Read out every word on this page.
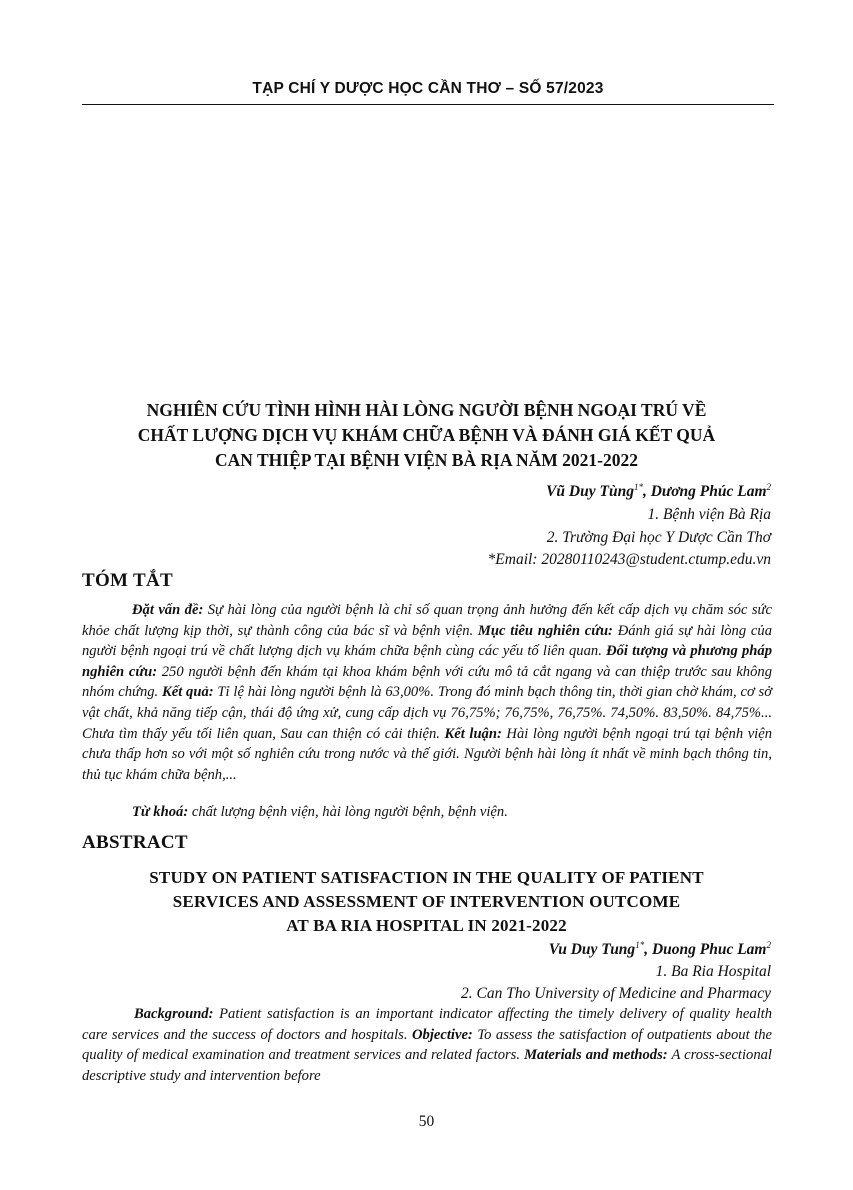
TẠP CHÍ Y DƯỢC HỌC CẦN THƠ – SỐ 57/2023
NGHIÊN CỨU TÌNH HÌNH HÀI LÒNG NGƯỜI BỆNH NGOẠI TRÚ VỀ
CHẤT LƯỢNG DỊCH VỤ KHÁM CHỮA BỆNH VÀ ĐÁNH GIÁ KẾT QUẢ
CAN THIỆP TẠI BỆNH VIỆN BÀ RỊA NĂM 2021-2022
Vũ Duy Tùng$^{1*}$, Dương Phúc Lam$^2$
1. Bệnh viện Bà Rịa
2. Trường Đại học Y Dược Cần Thơ
*Email: 20280110243@student.ctump.edu.vn
TÓM TẮT

Đặt vấn đề: Sự hài lòng của người bệnh là chỉ số quan trọng ảnh hưởng đến kết cấp dịch vụ chăm sóc sức khỏe chất lượng kịp thời, sự thành công của bác sĩ và bệnh viện. Mục tiêu nghiên cứu: Đánh giá sự hài lòng của người bệnh ngoại trú về chất lượng dịch vụ khám chữa bệnh cùng các yếu tố liên quan. Đối tượng và phương pháp nghiên cứu: 250 người bệnh đến khám tại khoa khám bệnh với cứu mô tả cắt ngang và can thiệp trước sau không nhóm chứng. Kết quả: Tỉ lệ hài lòng người bệnh là 63,00%. Trong đó minh bạch thông tin, thời gian chờ khám, cơ sở vật chất, khả năng tiếp cận, thái độ ứng xử, cung cấp dịch vụ 76,75%; 76,75%, 76,75%. 74,50%. 83,50%. 84,75%... Chưa tìm thấy yếu tối liên quan, Sau can thiện có cải thiện. Kết luận: Hài lòng người bệnh ngoại trú tại bệnh viện chưa thấp hơn so với một số nghiên cứu trong nước và thế giới. Người bệnh hài lòng ít nhất về minh bạch thông tin, thủ tục khám chữa bệnh,...

Từ khoá: chất lượng bệnh viện, hài lòng người bệnh, bệnh viện.
ABSTRACT
STUDY ON PATIENT SATISFACTION IN THE QUALITY OF PATIENT
SERVICES AND ASSESSMENT OF INTERVENTION OUTCOME
AT BA RIA HOSPITAL IN 2021-2022
Vu Duy Tung$^{1*}$, Duong Phuc Lam$^2$
1. Ba Ria Hospital
2. Can Tho University of Medicine and Pharmacy

Background: Patient satisfaction is an important indicator affecting the timely delivery of quality health care services and the success of doctors and hospitals. Objective: To assess the satisfaction of outpatients about the quality of medical examination and treatment services and related factors. Materials and methods: A cross-sectional descriptive study and intervention before

50
